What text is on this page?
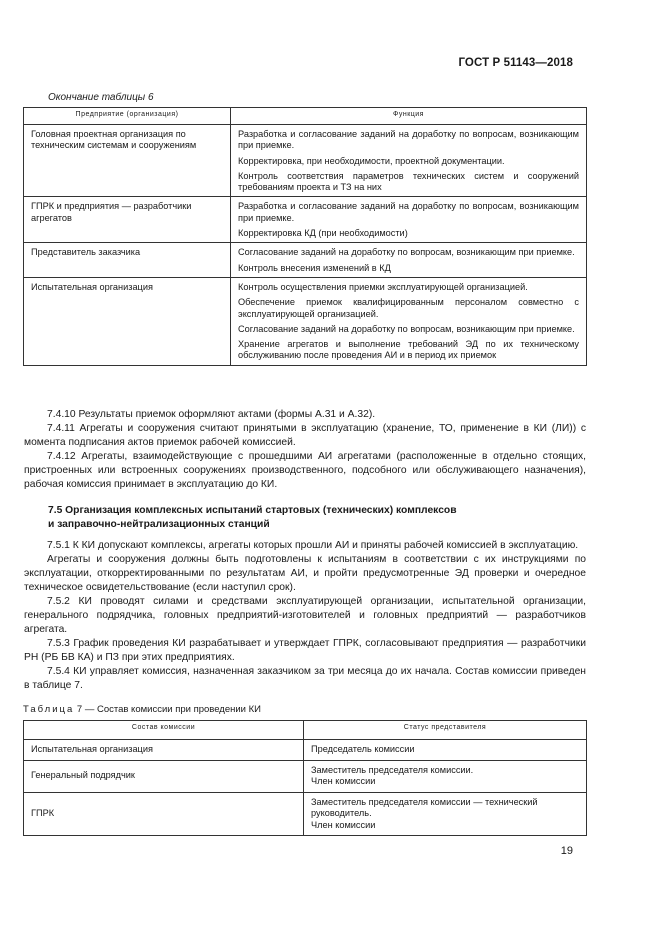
ГОСТ Р 51143—2018
Окончание таблицы 6
Предприятие (организация)	Функция
Головная проектная организация по техническим системам и сооружениям	Разработка и согласование заданий на доработку по вопросам, возникающим при приемке.
Корректировка, при необходимости, проектной документации.
Контроль соответствия параметров технических систем и сооружений требованиям проекта и ТЗ на них

ГПРК и предприятия — разработчики агрегатов	Разработка и согласование заданий на доработку по вопросам, возникающим при приемке.
Корректировка КД (при необходимости)

Представитель заказчика	Согласование заданий на доработку по вопросам, возникающим при приемке.
Контроль внесения изменений в КД

Испытательная организация	Контроль осуществления приемки эксплуатирующей организацией.
Обеспечение приемок квалифицированным персоналом совместно с эксплуатирующей организацией.
Согласование заданий на доработку по вопросам, возникающим при приемке.
Хранение агрегатов и выполнение требований ЭД по их техническому обслуживанию после проведения АИ и в период их приемок

7.4.10 Результаты приемок оформляют актами (формы А.31 и А.32).

7.4.11 Агрегаты и сооружения считают принятыми в эксплуатацию (хранение, ТО, применение в КИ (ЛИ)) с момента подписания актов приемок рабочей комиссией.

7.4.12 Агрегаты, взаимодействующие с прошедшими АИ агрегатами (расположенные в отдельно стоящих, пристроенных или встроенных сооружениях производственного, подсобного или обслуживающего назначения), рабочая комиссия принимает в эксплуатацию до КИ.

7.5 Организация комплексных испытаний стартовых (технических) комплексов
и заправочно-нейтрализационных станций

7.5.1 К КИ допускают комплексы, агрегаты которых прошли АИ и приняты рабочей комиссией в эксплуатацию.

Агрегаты и сооружения должны быть подготовлены к испытаниям в соответствии с их инструкциями по эксплуатации, откорректированными по результатам АИ, и пройти предусмотренные ЭД проверки и очередное техническое освидетельствование (если наступил срок).

7.5.2 КИ проводят силами и средствами эксплуатирующей организации, испытательной организации, генерального подрядчика, головных предприятий-изготовителей и головных предприятий — разработчиков агрегата.

7.5.3 График проведения КИ разрабатывает и утверждает ГПРК, согласовывают предприятия — разработчики РН (РБ БВ КА) и ПЗ при этих предприятиях.

7.5.4 КИ управляет комиссия, назначенная заказчиком за три месяца до их начала. Состав комиссии приведен в таблице 7.

Таблица 7 — Состав комиссии при проведении КИ
Состав комиссии	Статус представителя
Испытательная организация	Председатель комиссии

Генеральный подрядчик	Заместитель председателя комиссии.
Член комиссии

ГПРК	Заместитель председателя комиссии — технический руководитель.
Член комиссии
19
